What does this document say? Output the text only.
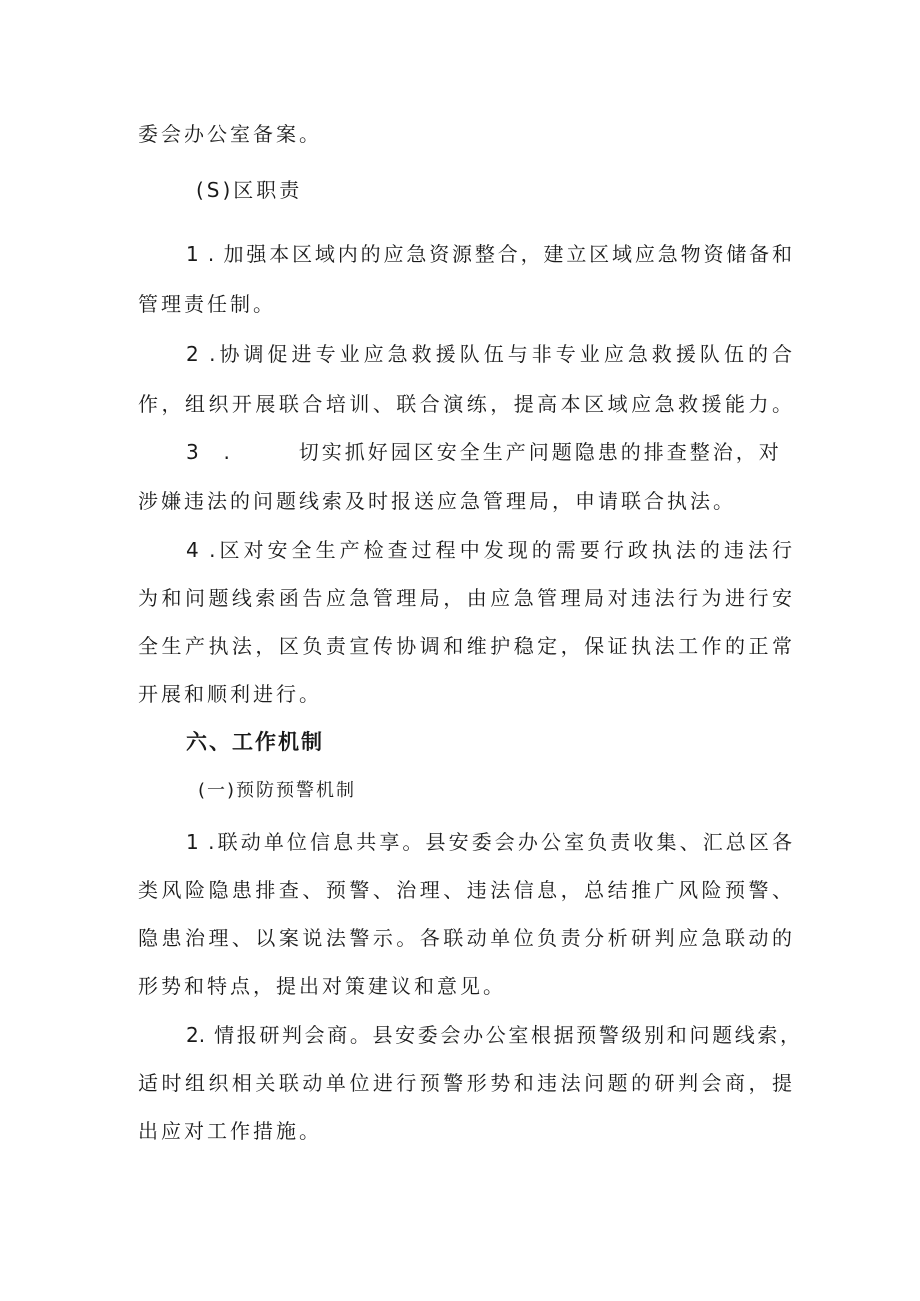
委会办公室备案。
(S)区职责
1 . 加强本区域内的应急资源整合，建立区域应急物资储备和
管理责任制。
2 .协调促进专业应急救援队伍与非专业应急救援队伍的合
作，组织开展联合培训、联合演练，提高本区域应急救援能力。
3 .	切实抓好园区安全生产问题隐患的排查整治，对
涉嫌违法的问题线索及时报送应急管理局，申请联合执法。
4 .区对安全生产检查过程中发现的需要行政执法的违法行
为和问题线索函告应急管理局，由应急管理局对违法行为进行安
全生产执法，区负责宣传协调和维护稳定，保证执法工作的正常
开展和顺利进行。
六、工作机制
(一)预防预警机制
1 .联动单位信息共享。县安委会办公室负责收集、汇总区各
类风险隐患排查、预警、治理、违法信息，总结推广风险预警、
隐患治理、以案说法警示。各联动单位负责分析研判应急联动的
形势和特点，提出对策建议和意见。
2. 情报研判会商。县安委会办公室根据预警级别和问题线索，
适时组织相关联动单位进行预警形势和违法问题的研判会商，提
出应对工作措施。
